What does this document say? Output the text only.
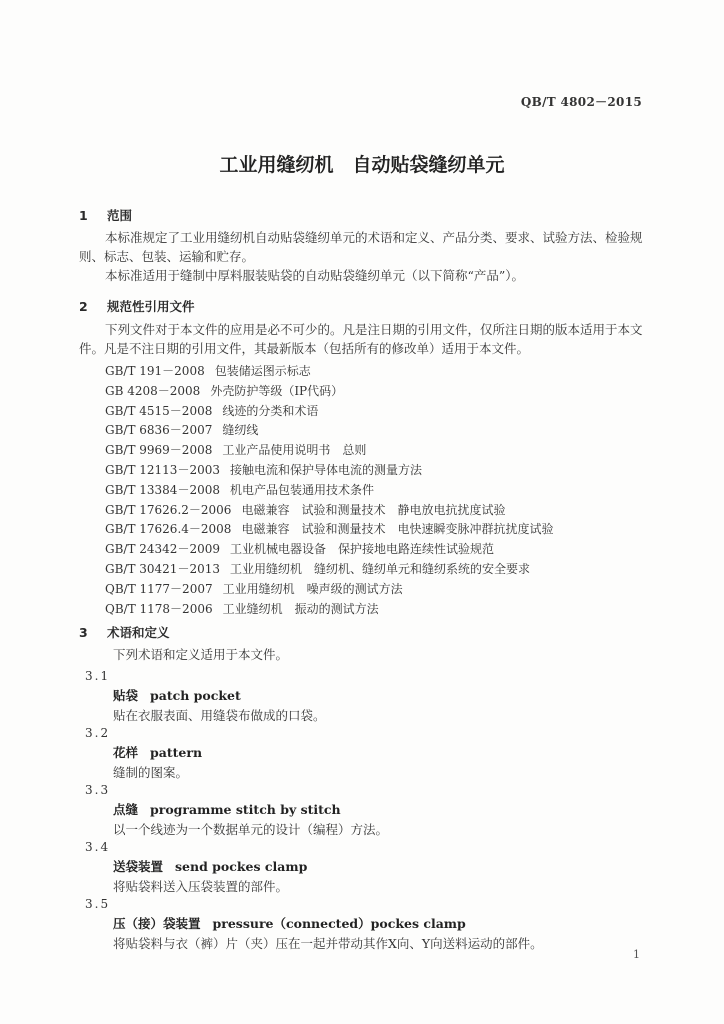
QB/T 4802－2015
工业用缝纫机　自动贴袋缝纫单元
1 范围
本标准规定了工业用缝纫机自动贴袋缝纫单元的术语和定义、产品分类、要求、试验方法、检验规则、标志、包装、运输和贮存。
本标准适用于缝制中厚料服装贴袋的自动贴袋缝纫单元（以下简称“产品”）。
2 规范性引用文件
下列文件对于本文件的应用是必不可少的。凡是注日期的引用文件，仅所注日期的版本适用于本文件。凡是不注日期的引用文件，其最新版本（包括所有的修改单）适用于本文件。
GB/T 191－2008 包装储运图示标志
GB 4208－2008 外壳防护等级（IP代码）
GB/T 4515－2008 线迹的分类和术语
GB/T 6836－2007 缝纫线
GB/T 9969－2008 工业产品使用说明书　总则
GB/T 12113－2003 接触电流和保护导体电流的测量方法
GB/T 13384－2008 机电产品包装通用技术条件
GB/T 17626.2－2006 电磁兼容　试验和测量技术　静电放电抗扰度试验
GB/T 17626.4－2008 电磁兼容　试验和测量技术　电快速瞬变脉冲群抗扰度试验
GB/T 24342－2009 工业机械电器设备　保护接地电路连续性试验规范
GB/T 30421－2013 工业用缝纫机　缝纫机、缝纫单元和缝纫系统的安全要求
QB/T 1177－2007 工业用缝纫机　噪声级的测试方法
QB/T 1178－2006 工业缝纫机　振动的测试方法
3 术语和定义
下列术语和定义适用于本文件。
3.1
贴袋 patch pocket
贴在衣服表面、用缝袋布做成的口袋。
3.2
花样 pattern
缝制的图案。
3.3
点缝 programme stitch by stitch
以一个线迹为一个数据单元的设计（编程）方法。
3.4
送袋装置 send pockes clamp
将贴袋料送入压袋装置的部件。
3.5
压（接）袋装置 pressure（connected）pockes clamp
将贴袋料与衣（裤）片（夹）压在一起并带动其作X向、Y向送料运动的部件。
1
